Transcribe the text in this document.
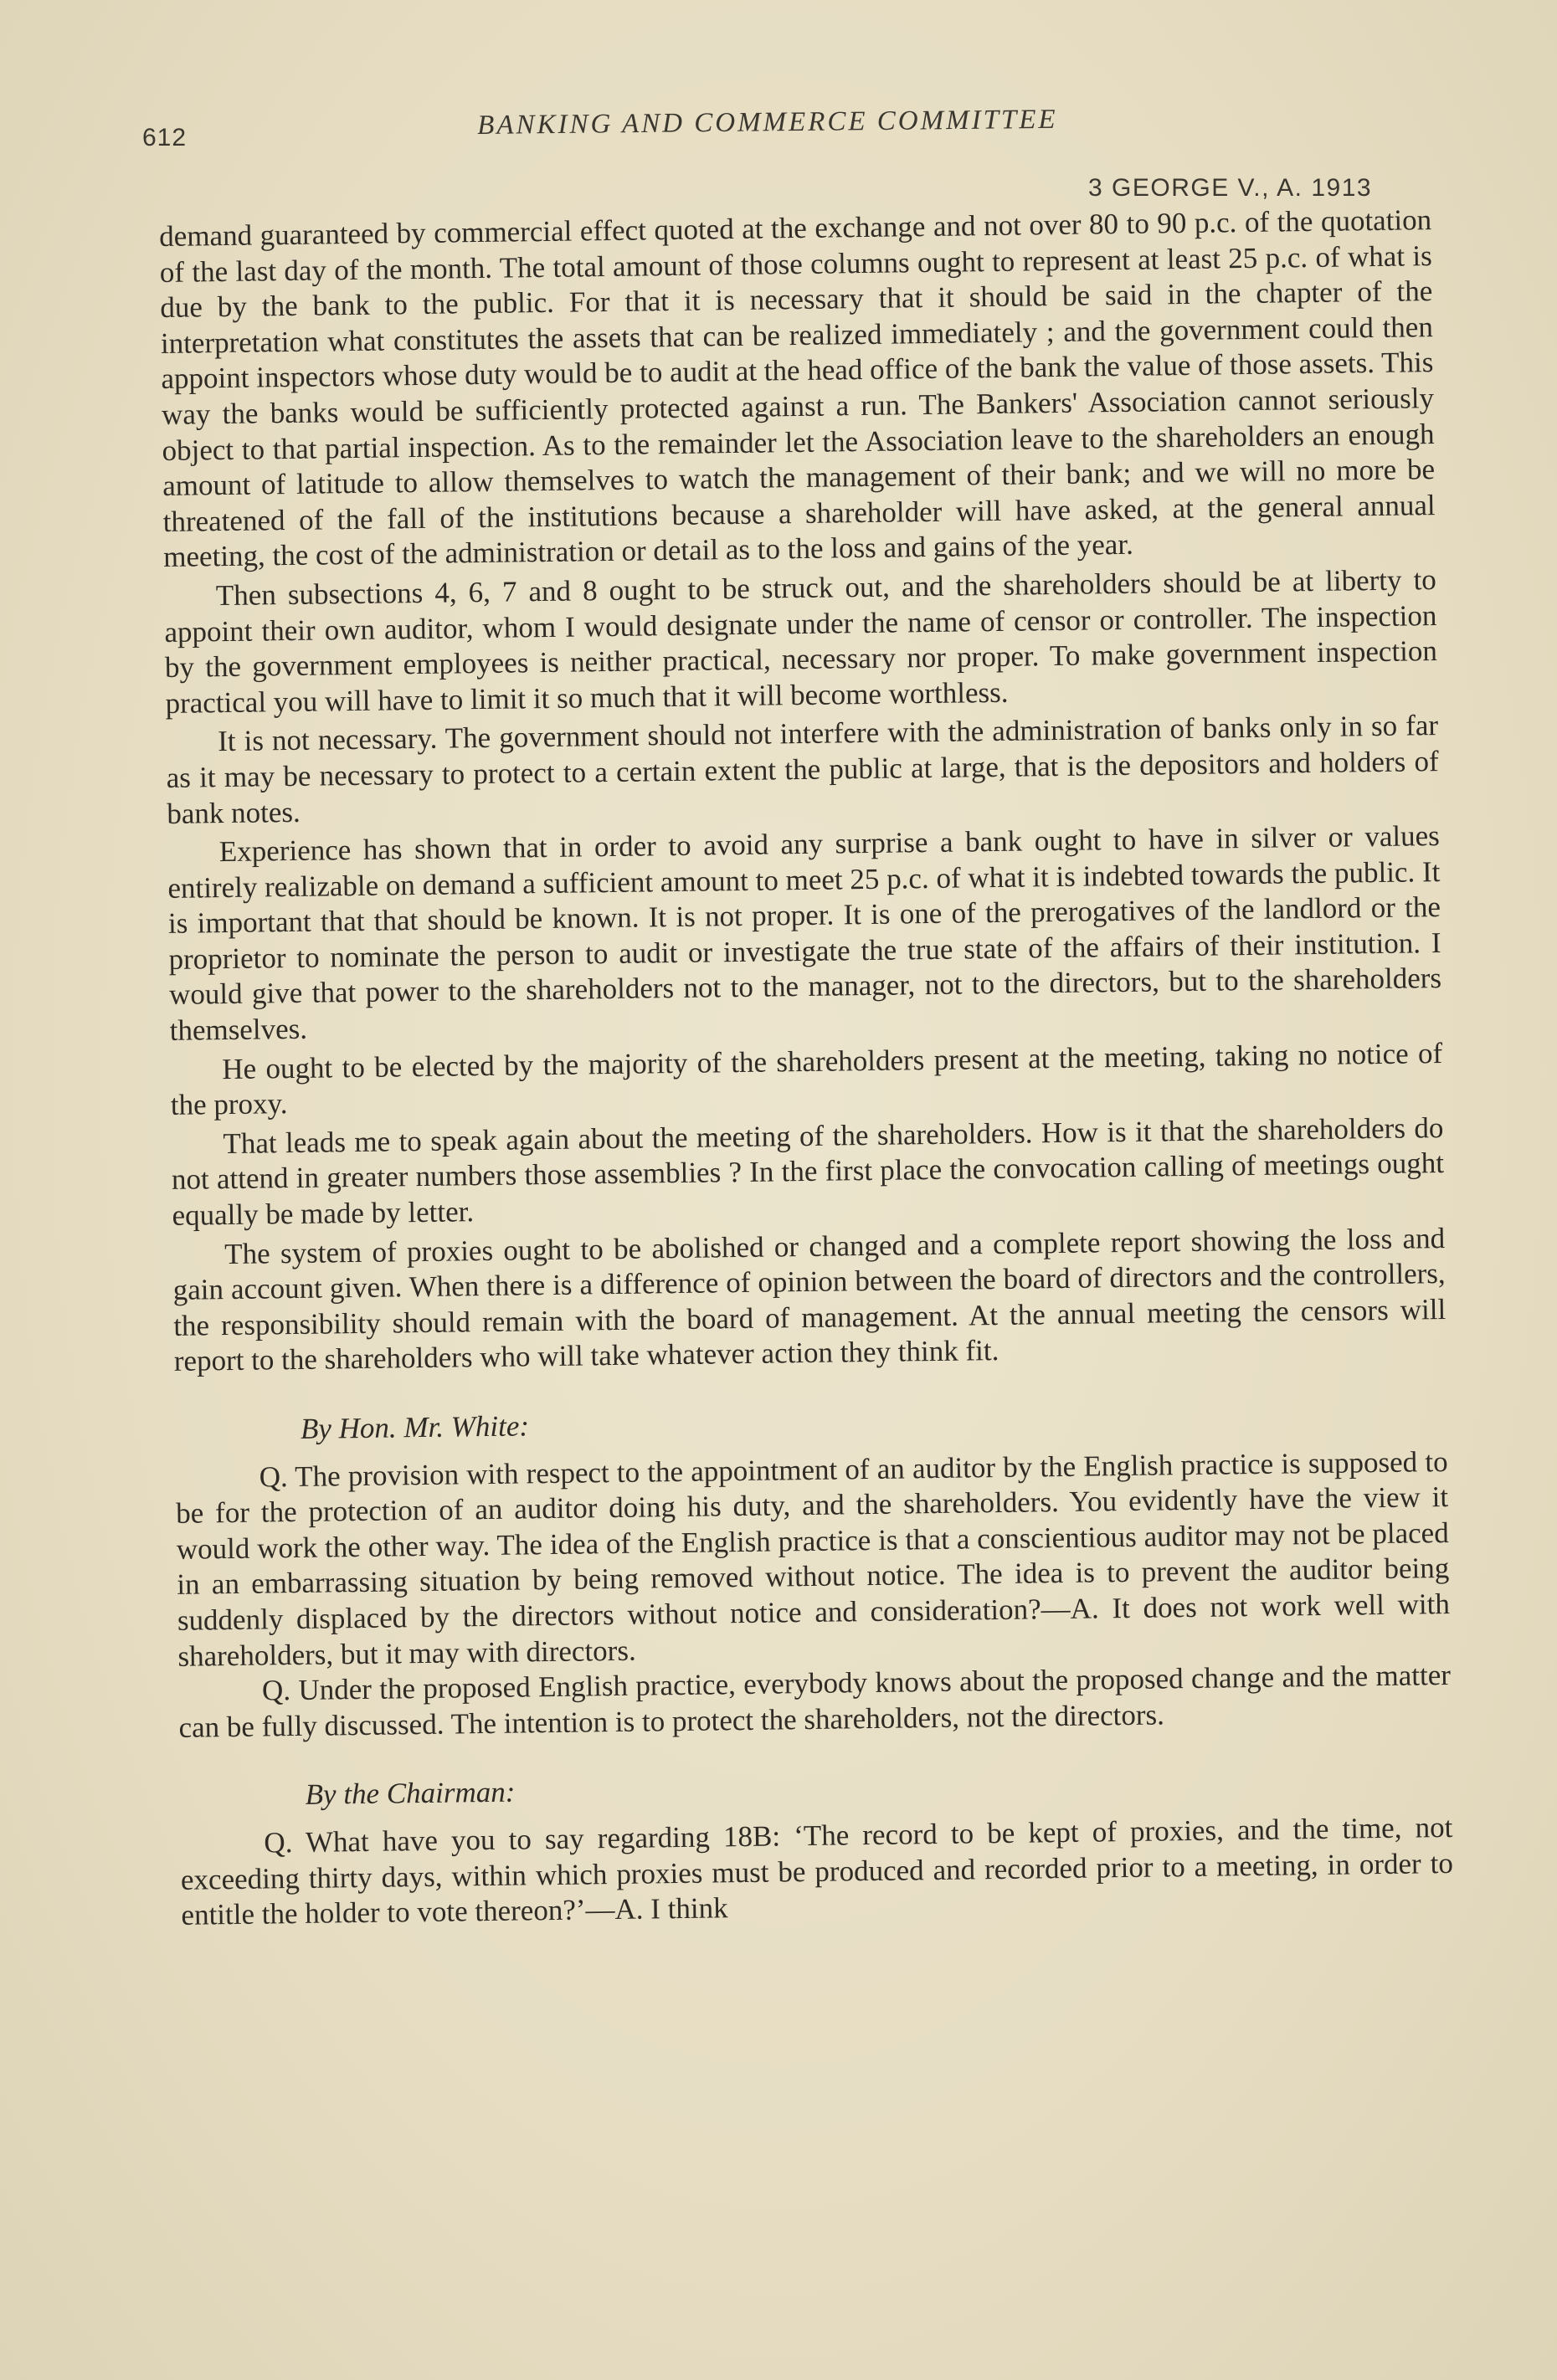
612	BANKING AND COMMERCE COMMITTEE
3 GEORGE V., A. 1913

demand guaranteed by commercial effect quoted at the exchange and not over 80 to 90 p.c. of the quotation of the last day of the month. The total amount of those columns ought to represent at least 25 p.c. of what is due by the bank to the public. For that it is necessary that it should be said in the chapter of the interpretation what constitutes the assets that can be realized immediately ; and the government could then appoint inspectors whose duty would be to audit at the head office of the bank the value of those assets. This way the banks would be sufficiently protected against a run. The Bankers' Association cannot seriously object to that partial inspection. As to the remainder let the Association leave to the shareholders an enough amount of latitude to allow themselves to watch the management of their bank; and we will no more be threatened of the fall of the institutions because a shareholder will have asked, at the general annual meeting, the cost of the administration or detail as to the loss and gains of the year.

Then subsections 4, 6, 7 and 8 ought to be struck out, and the shareholders should be at liberty to appoint their own auditor, whom I would designate under the name of censor or controller. The inspection by the government employees is neither practical, necessary nor proper. To make government inspection practical you will have to limit it so much that it will become worthless.

It is not necessary. The government should not interfere with the administration of banks only in so far as it may be necessary to protect to a certain extent the public at large, that is the depositors and holders of bank notes.

Experience has shown that in order to avoid any surprise a bank ought to have in silver or values entirely realizable on demand a sufficient amount to meet 25 p.c. of what it is indebted towards the public. It is important that that should be known. It is not proper. It is one of the prerogatives of the landlord or the proprietor to nominate the person to audit or investigate the true state of the affairs of their institution. I would give that power to the shareholders not to the manager, not to the directors, but to the shareholders themselves.

He ought to be elected by the majority of the shareholders present at the meeting, taking no notice of the proxy.

That leads me to speak again about the meeting of the shareholders. How is it that the shareholders do not attend in greater numbers those assemblies ? In the first place the convocation calling of meetings ought equally be made by letter.

The system of proxies ought to be abolished or changed and a complete report showing the loss and gain account given. When there is a difference of opinion between the board of directors and the controllers, the responsibility should remain with the board of management. At the annual meeting the censors will report to the shareholders who will take whatever action they think fit.

By Hon. Mr. White:

Q. The provision with respect to the appointment of an auditor by the English practice is supposed to be for the protection of an auditor doing his duty, and the shareholders. You evidently have the view it would work the other way. The idea of the English practice is that a conscientious auditor may not be placed in an embarrassing situation by being removed without notice. The idea is to prevent the auditor being suddenly displaced by the directors without notice and consideration?—A. It does not work well with shareholders, but it may with directors.

Q. Under the proposed English practice, everybody knows about the proposed change and the matter can be fully discussed. The intention is to protect the shareholders, not the directors.

By the Chairman:

Q. What have you to say regarding 18B: ‘The record to be kept of proxies, and the time, not exceeding thirty days, within which proxies must be produced and recorded prior to a meeting, in order to entitle the holder to vote thereon?’—A. I think
